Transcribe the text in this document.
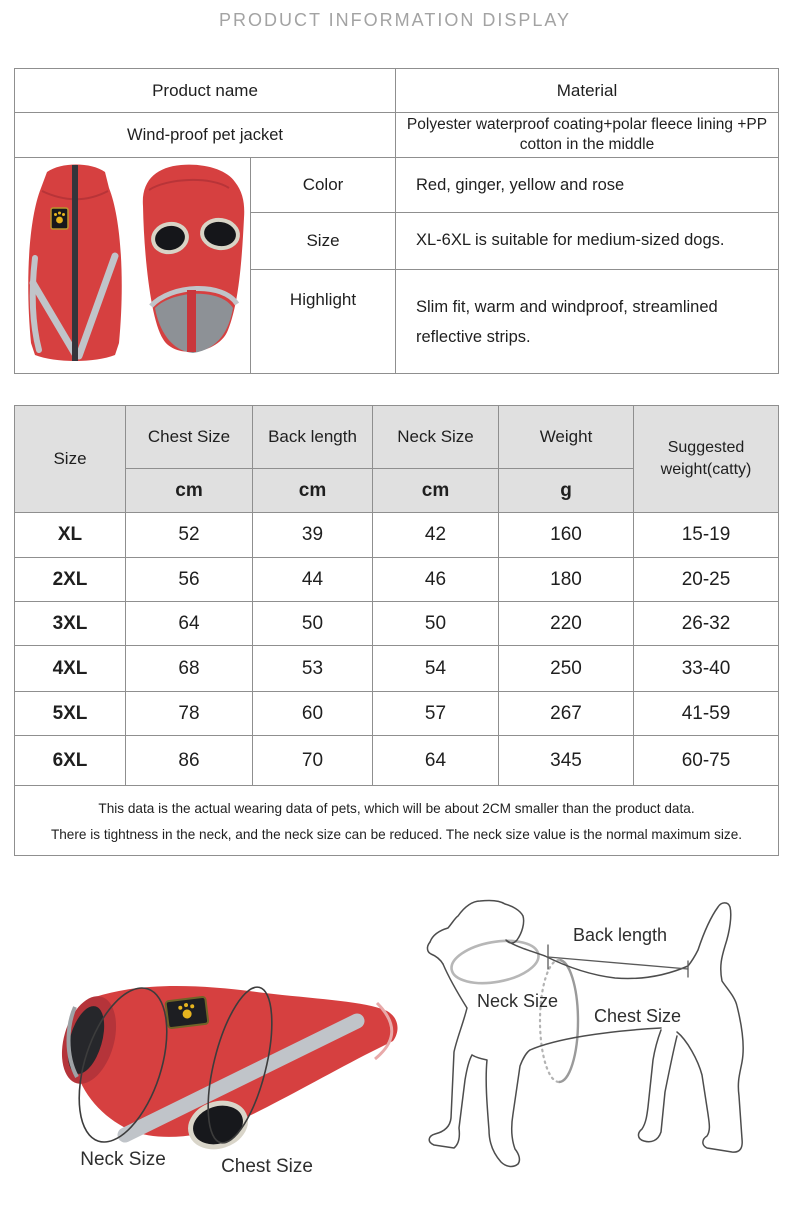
PRODUCT INFORMATION DISPLAY
Product name		Material
Wind-proof pet jacket		Polyester waterproof coating+polar fleece lining +PP cotton in the middle
	Color	Red, ginger, yellow and rose
	Size	XL-6XL is suitable for medium-sized dogs.
	Highlight	Slim fit, warm and windproof, streamlined reflective strips.
Size	Chest Size	Back length	Neck Size	Weight	Suggested weight(catty)
	cm	cm	cm	g	
XL	52	39	42	160	15-19
2XL	56	44	46	180	20-25
3XL	64	50	50	220	26-32
4XL	68	53	54	250	33-40
5XL	78	60	57	267	41-59
6XL	86	70	64	345	60-75

This data is the actual wearing data of pets, which will be about 2CM smaller than the product data.
There is tightness in the neck, and the neck size can be reduced. The neck size value is the normal maximum size.					
Back length
Neck Size
Chest Size
Neck Size	Chest Size
